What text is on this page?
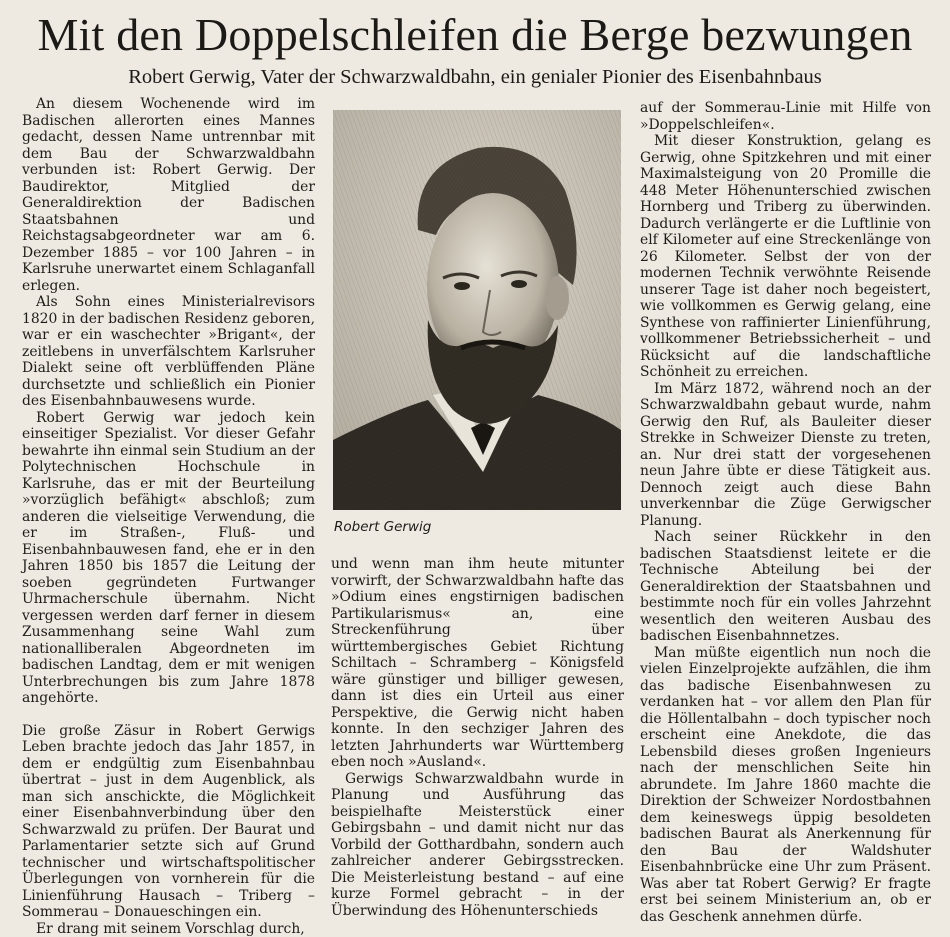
Mit den Doppelschleifen die Berge bezwungen
Robert Gerwig, Vater der Schwarzwaldbahn, ein genialer Pionier des Eisenbahnbaus

An diesem Wochenende wird im Badischen allerorten eines Mannes gedacht, dessen Name untrennbar mit dem Bau der Schwarzwaldbahn verbunden ist: Robert Gerwig. Der Baudirektor, Mitglied der Generaldirektion der Badischen Staatsbahnen und Reichstagsabgeordneter war am 6. Dezember 1885 – vor 100 Jahren – in Karlsruhe unerwartet einem Schlaganfall erlegen.

Als Sohn eines Ministerialrevisors 1820 in der badischen Residenz geboren, war er ein waschechter »Brigant«, der zeitlebens in unverfälschtem Karlsruher Dialekt seine oft verblüffenden Pläne durchsetzte und schließlich ein Pionier des Eisenbahnbauwesens wurde.

Robert Gerwig war jedoch kein einseitiger Spezialist. Vor dieser Gefahr bewahrte ihn einmal sein Studium an der Polytechnischen Hochschule in Karlsruhe, das er mit der Beurteilung »vorzüglich befähigt« abschloß; zum anderen die vielseitige Verwendung, die er im Straßen-, Fluß- und Eisenbahnbauwesen fand, ehe er in den Jahren 1850 bis 1857 die Leitung der soeben gegründeten Furtwanger Uhrmacherschule übernahm. Nicht vergessen werden darf ferner in diesem Zusammenhang seine Wahl zum nationalliberalen Abgeordneten im badischen Landtag, dem er mit wenigen Unterbrechungen bis zum Jahre 1878 angehörte.

Die große Zäsur in Robert Gerwigs Leben brachte jedoch das Jahr 1857, in dem er endgültig zum Eisenbahnbau übertrat – just in dem Augenblick, als man sich anschickte, die Möglichkeit einer Eisenbahnverbindung über den Schwarzwald zu prüfen. Der Baurat und Parlamentarier setzte sich auf Grund technischer und wirtschaftspolitischer Überlegungen von vornherein für die Linienführung Hausach – Triberg – Sommerau – Donaueschingen ein.

Er drang mit seinem Vorschlag durch,

Robert Gerwig

und wenn man ihm heute mitunter vorwirft, der Schwarzwaldbahn hafte das »Odium eines engstirnigen badischen Partikularismus« an, eine Streckenführung über württembergisches Gebiet Richtung Schiltach – Schramberg – Königsfeld wäre günstiger und billiger gewesen, dann ist dies ein Urteil aus einer Perspektive, die Gerwig nicht haben konnte. In den sechziger Jahren des letzten Jahrhunderts war Württemberg eben noch »Ausland«.

Gerwigs Schwarzwaldbahn wurde in Planung und Ausführung das beispielhafte Meisterstück einer Gebirgsbahn – und damit nicht nur das Vorbild der Gotthardbahn, sondern auch zahlreicher anderer Gebirgsstrecken. Die Meisterleistung bestand – auf eine kurze Formel gebracht – in der Überwindung des Höhenunterschieds

auf der Sommerau-Linie mit Hilfe von »Doppelschleifen«.

Mit dieser Konstruktion, gelang es Gerwig, ohne Spitzkehren und mit einer Maximalsteigung von 20 Promille die 448 Meter Höhenunterschied zwischen Hornberg und Triberg zu überwinden. Dadurch verlängerte er die Luftlinie von elf Kilometer auf eine Streckenlänge von 26 Kilometer. Selbst der von der modernen Technik verwöhnte Reisende unserer Tage ist daher noch begeistert, wie vollkommen es Gerwig gelang, eine Synthese von raffinierter Linienführung, vollkommener Betriebssicherheit – und Rücksicht auf die landschaftliche Schönheit zu erreichen.

Im März 1872, während noch an der Schwarzwaldbahn gebaut wurde, nahm Gerwig den Ruf, als Bauleiter dieser Strekke in Schweizer Dienste zu treten, an. Nur drei statt der vorgesehenen neun Jahre übte er diese Tätigkeit aus. Dennoch zeigt auch diese Bahn unverkennbar die Züge Gerwigscher Planung.

Nach seiner Rückkehr in den badischen Staatsdienst leitete er die Technische Abteilung bei der Generaldirektion der Staatsbahnen und bestimmte noch für ein volles Jahrzehnt wesentlich den weiteren Ausbau des badischen Eisenbahnnetzes.

Man müßte eigentlich nun noch die vielen Einzelprojekte aufzählen, die ihm das badische Eisenbahnwesen zu verdanken hat – vor allem den Plan für die Höllentalbahn – doch typischer noch erscheint eine Anekdote, die das Lebensbild dieses großen Ingenieurs nach der menschlichen Seite hin abrundete. Im Jahre 1860 machte die Direktion der Schweizer Nordostbahnen dem keineswegs üppig besoldeten badischen Baurat als Anerkennung für den Bau der Waldshuter Eisenbahnbrücke eine Uhr zum Präsent. Was aber tat Robert Gerwig? Er fragte erst bei seinem Ministerium an, ob er das Geschenk annehmen dürfe.
